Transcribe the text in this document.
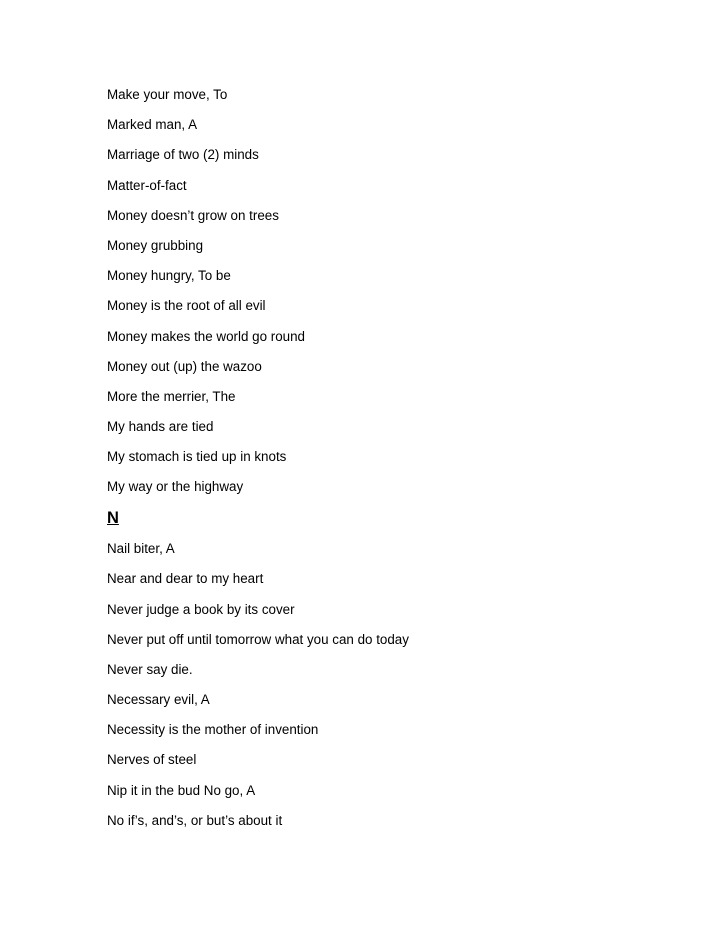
Make your move, To
Marked man, A
Marriage of two (2) minds
Matter-of-fact
Money doesn’t grow on trees
Money grubbing
Money hungry, To be
Money is the root of all evil
Money makes the world go round
Money out (up) the wazoo
More the merrier, The
My hands are tied
My stomach is tied up in knots
My way or the highway
N
Nail biter, A
Near and dear to my heart
Never judge a book by its cover
Never put off until tomorrow what you can do today
Never say die.
Necessary evil, A
Necessity is the mother of invention
Nerves of steel
Nip it in the bud No go, A
No if’s, and’s, or but’s about it
